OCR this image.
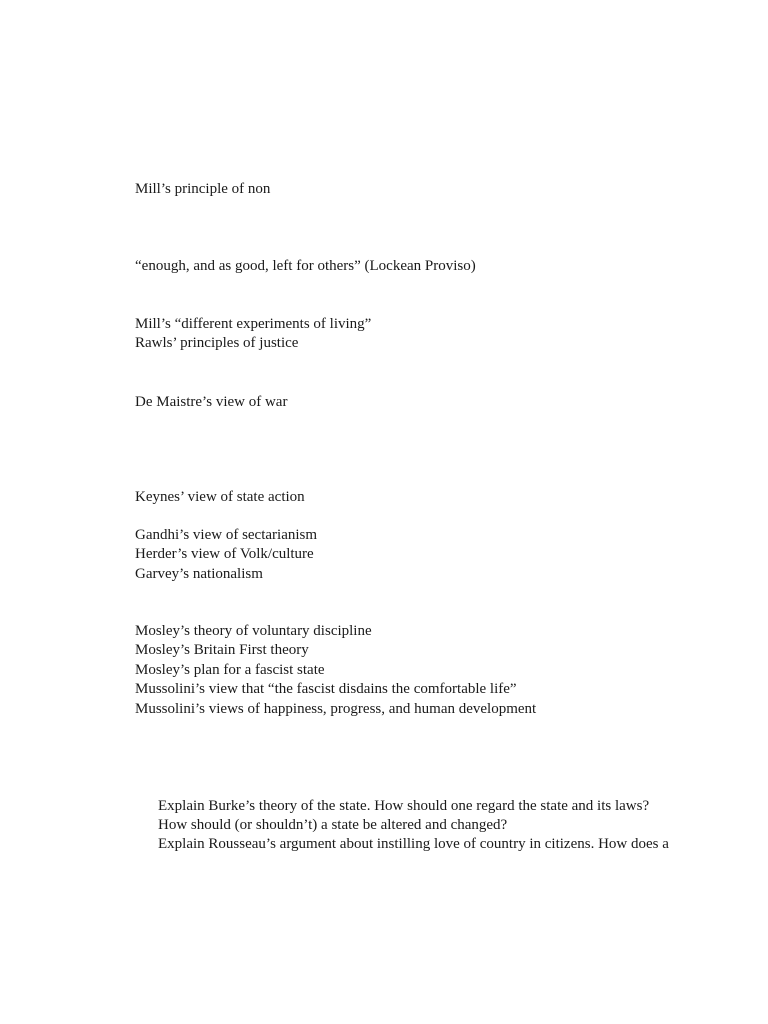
Mill’s principle of non
“enough, and as good, left for others” (Lockean Proviso)
Mill’s “different experiments of living”
Rawls’ principles of justice
De Maistre’s view of war
Keynes’ view of state action
Gandhi’s view of sectarianism
Herder’s view of Volk/culture
Garvey’s nationalism
Mosley’s theory of voluntary discipline
Mosley’s Britain First theory
Mosley’s plan for a fascist state
Mussolini’s view that “the fascist disdains the comfortable life”
Mussolini’s views of happiness, progress, and human development
Explain Burke’s theory of the state. How should one regard the state and its laws?
How should (or shouldn’t) a state be altered and changed?
Explain Rousseau’s argument about instilling love of country in citizens. How does a
